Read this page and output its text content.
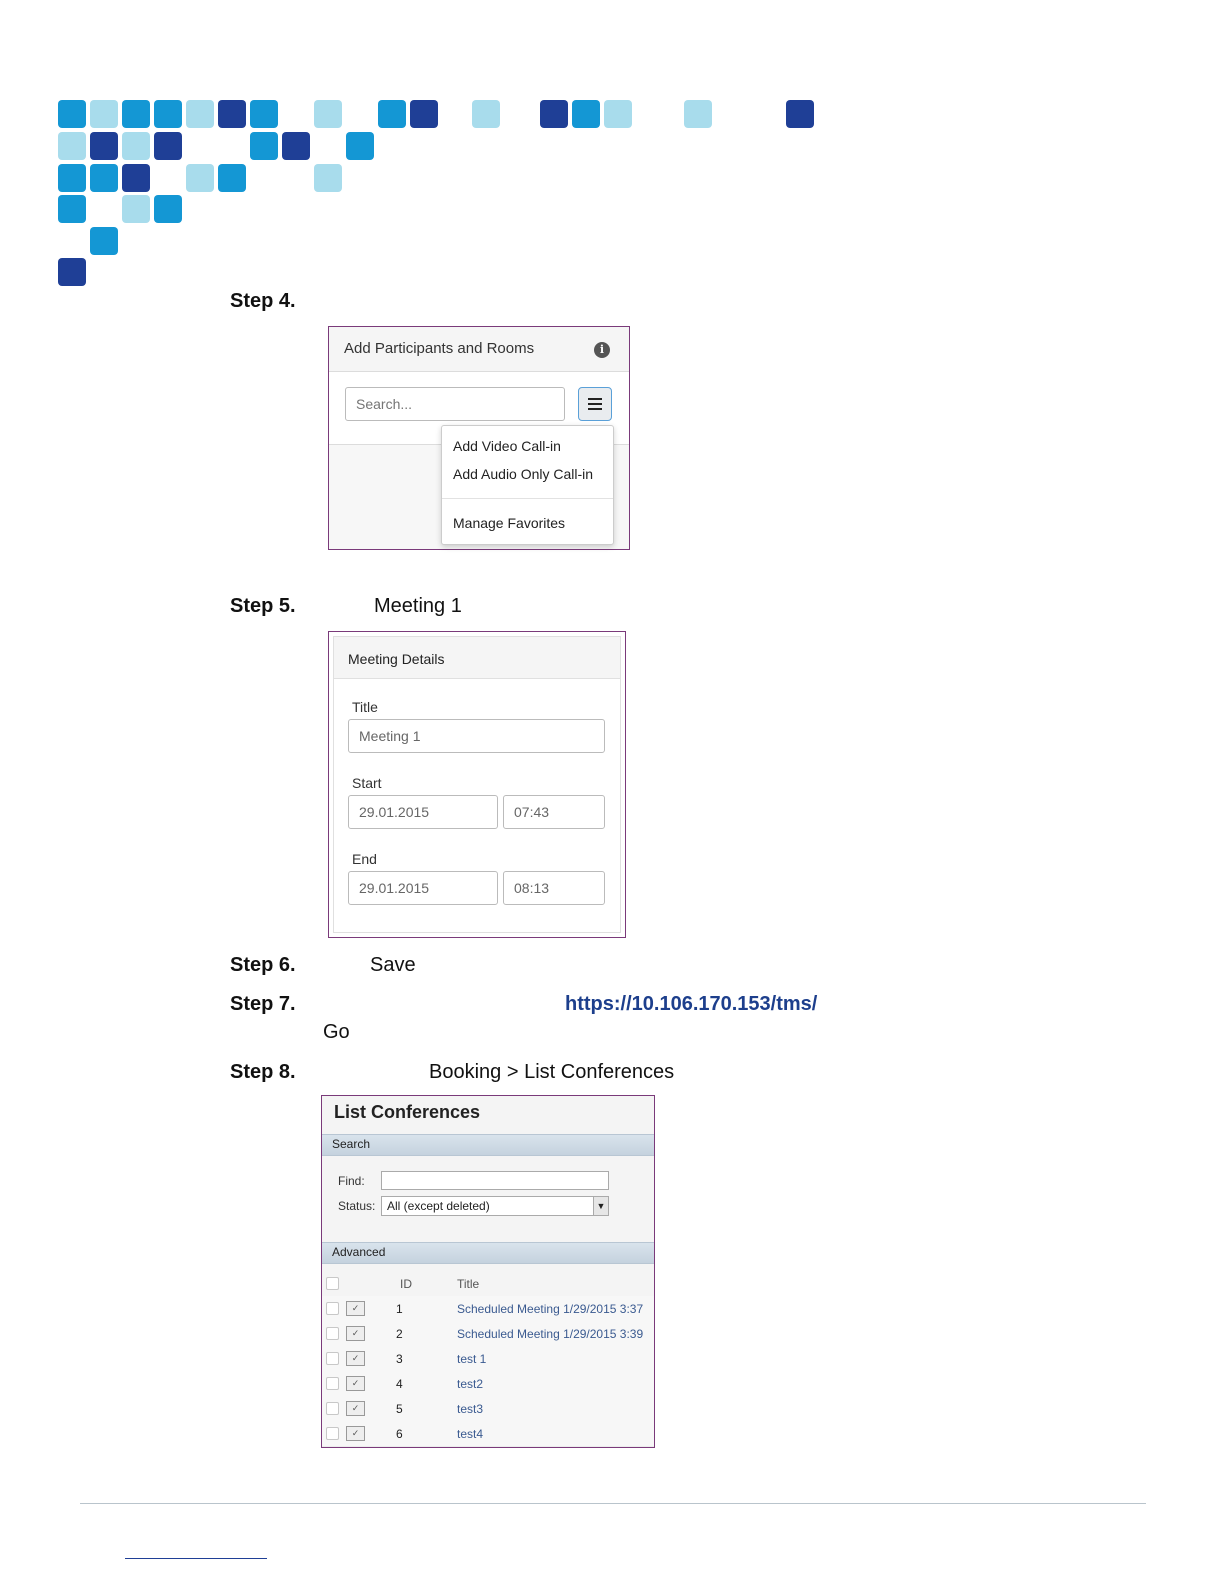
Step 4.
Add Participants and Rooms	i
Search...
Add Video Call-in
Add Audio Only Call-in
Manage Favorites
Step 5.	Meeting 1
Meeting Details
Title
Meeting 1
Start
29.01.2015	07:43
End
29.01.2015	08:13
Step 6.	Save
Step 7.	https://10.106.170.153/tms/
Go
Step 8.	Booking > List Conferences
List Conferences
Search
Find:
Status: All (except deleted)	▼
Advanced
ID	Title
✓	1	Scheduled Meeting 1/29/2015 3:37
✓	2	Scheduled Meeting 1/29/2015 3:39
✓	3	test 1
✓	4	test2
✓	5	test3
✓	6	test4
